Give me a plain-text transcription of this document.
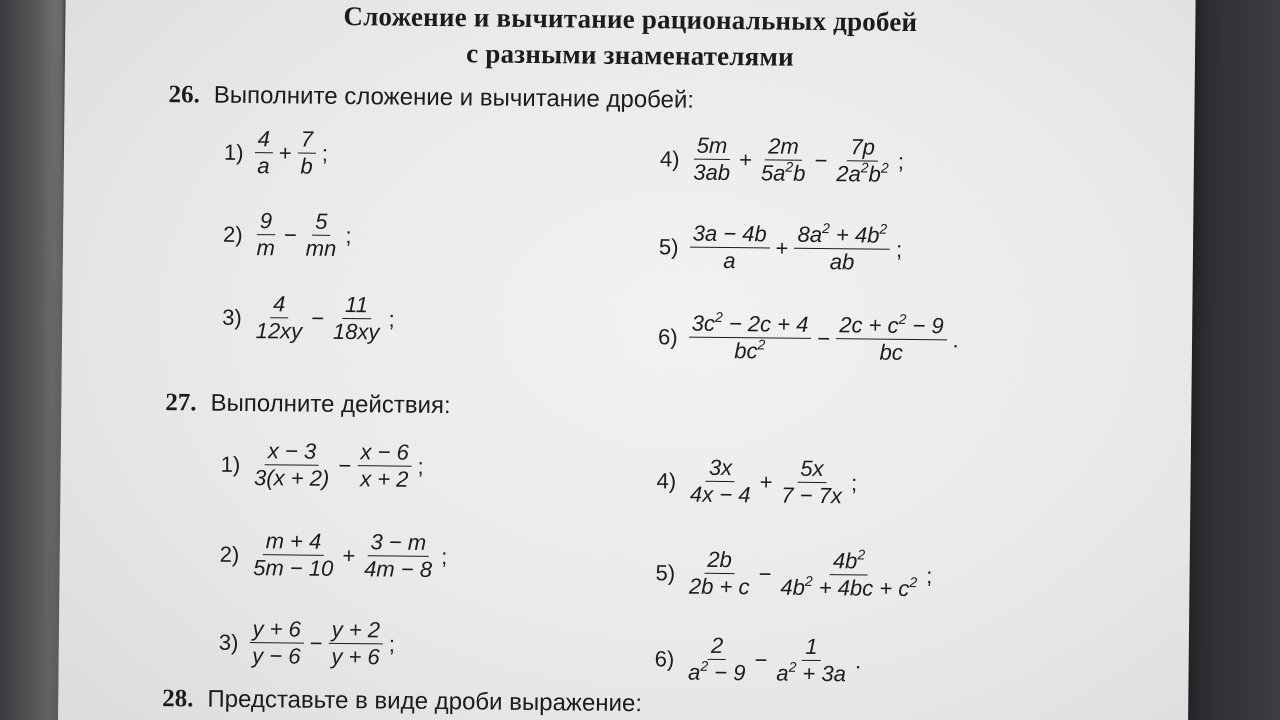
Сложение и вычитание рациональных дробей
с разными знаменателями
26. Выполните сложение и вычитание дробей:
$1) \frac{4}{a} + \frac{7}{b}$ ;
$2) \frac{9}{m} - \frac{5}{mn}$ ;
$3) \frac{4}{12xy} - \frac{11}{18xy}$ ;
$4) \frac{5m}{3ab} + \frac{2m}{5a^2b} - \frac{7p}{2a^2b^2}$ ;
$5) \frac{3a - 4b}{a} + \frac{8a^2 + 4b^2}{ab}$ ;
$6) \frac{3c^2 - 2c + 4}{bc^2} - \frac{2c + c^2 - 9}{bc}$ .
27. Выполните действия:
$1) \frac{x - 3}{3(x + 2)} - \frac{x - 6}{x + 2}$ ;
$2) \frac{m + 4}{5m - 10} + \frac{3 - m}{4m - 8}$ ;
$3) \frac{y + 6}{y - 6} - \frac{y + 2}{y + 6}$ ;
$4) \frac{3x}{4x - 4} + \frac{5x}{7 - 7x}$ ;
$5) \frac{2b}{2b + c} - \frac{4b^2}{4b^2 + 4bc + c^2}$ ;
$6) \frac{2}{a^2 - 9} - \frac{1}{a^2 + 3a}$ .
28. Представьте в виде дроби выражение:
